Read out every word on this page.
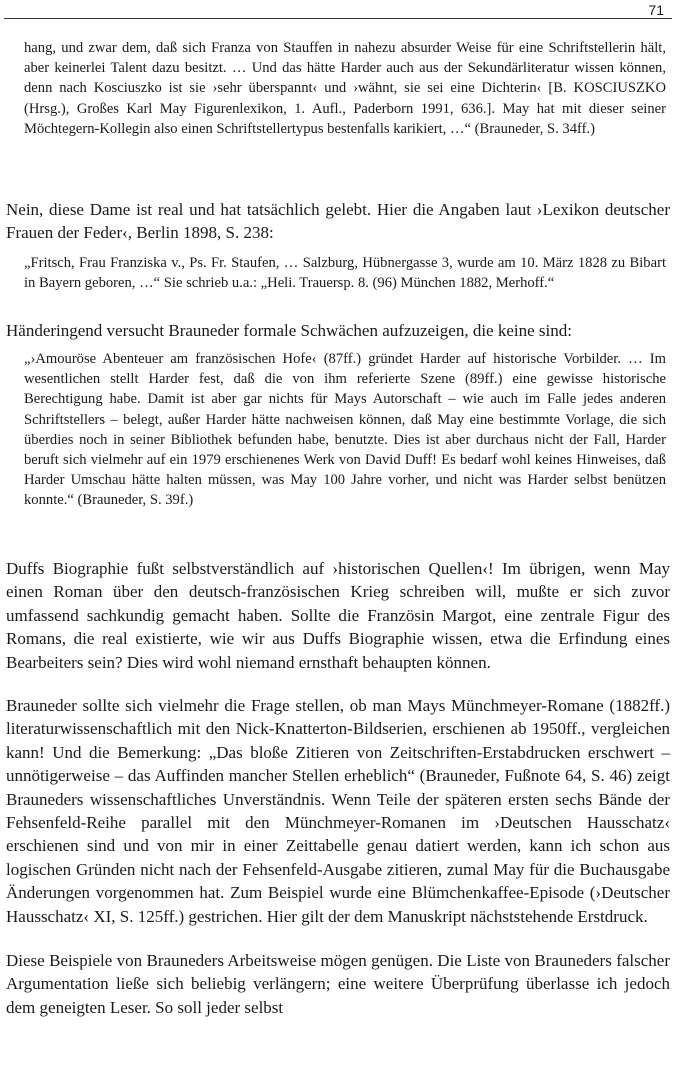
71

hang, und zwar dem, daß sich Franza von Stauffen in nahezu absurder Weise für eine Schriftstellerin hält, aber keinerlei Talent dazu besitzt. … Und das hätte Harder auch aus der Sekundärliteratur wissen können, denn nach Kosciuszko ist sie ›sehr überspannt‹ und ›wähnt, sie sei eine Dichterin‹ [B. KOSCIUSZKO (Hrsg.), Großes Karl May Figurenlexikon, 1. Aufl., Paderborn 1991, 636.]. May hat mit dieser seiner Möchtegern-Kollegin also einen Schriftstellertypus bestenfalls karikiert, …“ (Brauneder, S. 34ff.)

Nein, diese Dame ist real und hat tatsächlich gelebt. Hier die Angaben laut ›Lexikon deutscher Frauen der Feder‹, Berlin 1898, S. 238:

„Fritsch, Frau Franziska v., Ps. Fr. Staufen, … Salzburg, Hübnergasse 3, wurde am 10. März 1828 zu Bibart in Bayern geboren, …“ Sie schrieb u.a.: „Heli. Trauersp. 8. (96) München 1882, Merhoff.“

Händeringend versucht Brauneder formale Schwächen aufzuzeigen, die keine sind:

„›Amouröse Abenteuer am französischen Hofe‹ (87ff.) gründet Harder auf historische Vorbilder. … Im wesentlichen stellt Harder fest, daß die von ihm referierte Szene (89ff.) eine gewisse historische Berechtigung habe. Damit ist aber gar nichts für Mays Autorschaft – wie auch im Falle jedes anderen Schriftstellers – belegt, außer Harder hätte nachweisen können, daß May eine bestimmte Vorlage, die sich überdies noch in seiner Bibliothek befunden habe, benutzte. Dies ist aber durchaus nicht der Fall, Harder beruft sich vielmehr auf ein 1979 erschienenes Werk von David Duff! Es bedarf wohl keines Hinweises, daß Harder Umschau hätte halten müssen, was May 100 Jahre vorher, und nicht was Harder selbst benützen konnte.“ (Brauneder, S. 39f.)

Duffs Biographie fußt selbstverständlich auf ›historischen Quellen‹! Im übrigen, wenn May einen Roman über den deutsch-französischen Krieg schreiben will, mußte er sich zuvor umfassend sachkundig gemacht haben. Sollte die Französin Margot, eine zentrale Figur des Romans, die real existierte, wie wir aus Duffs Biographie wissen, etwa die Erfindung eines Bearbeiters sein? Dies wird wohl niemand ernsthaft behaupten können.

Brauneder sollte sich vielmehr die Frage stellen, ob man Mays Münchmeyer-Romane (1882ff.) literaturwissenschaftlich mit den Nick-Knatterton-Bildserien, erschienen ab 1950ff., vergleichen kann! Und die Bemerkung: „Das bloße Zitieren von Zeitschriften-Erstabdrucken erschwert – unnötigerweise – das Auffinden mancher Stellen erheblich“ (Brauneder, Fußnote 64, S. 46) zeigt Brauneders wissenschaftliches Unverständnis. Wenn Teile der späteren ersten sechs Bände der Fehsenfeld-Reihe parallel mit den Münchmeyer-Romanen im ›Deutschen Hausschatz‹ erschienen sind und von mir in einer Zeittabelle genau datiert werden, kann ich schon aus logischen Gründen nicht nach der Fehsenfeld-Ausgabe zitieren, zumal May für die Buchausgabe Änderungen vorgenommen hat. Zum Beispiel wurde eine Blümchenkaffee-Episode (›Deutscher Hausschatz‹ XI, S. 125ff.) gestrichen. Hier gilt der dem Manuskript nächststehende Erstdruck.

Diese Beispiele von Brauneders Arbeitsweise mögen genügen. Die Liste von Brauneders falscher Argumentation ließe sich beliebig verlängern; eine weitere Überprüfung überlasse ich jedoch dem geneigten Leser. So soll jeder selbst
